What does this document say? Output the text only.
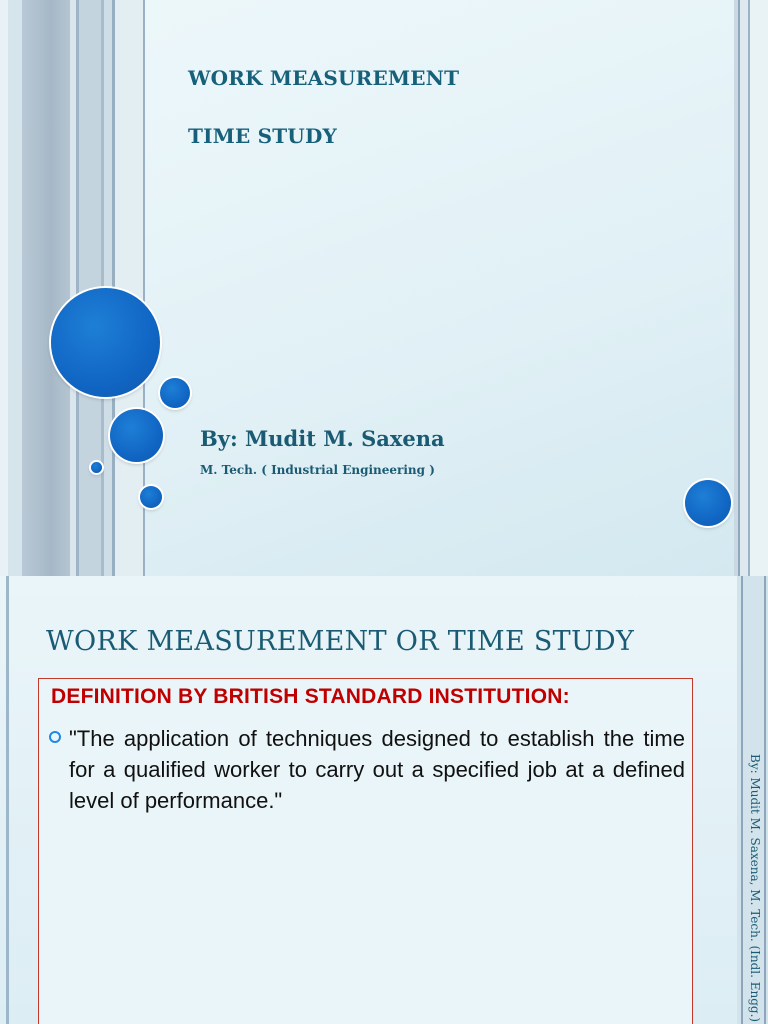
WORK MEASUREMENT
TIME STUDY
By: Mudit M. Saxena
M. Tech. ( Industrial Engineering )
By: Mudit M. Saxena, M. Tech. (Indl. Engg.)
WORK MEASUREMENT OR TIME STUDY
DEFINITION BY BRITISH STANDARD INSTITUTION:
"The application of techniques designed to establish the time for a qualified worker to carry out a specified job at a defined level of performance."
